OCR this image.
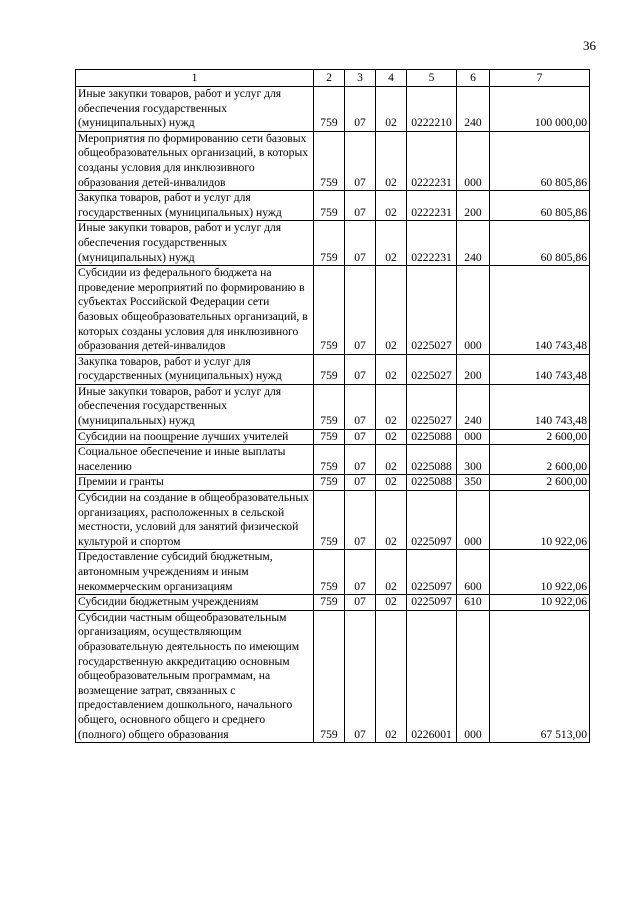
36
1	2	3	4	5	6	7
Иные закупки товаров, работ и услуг для обеспечения государственных (муниципальных) нужд	759	07	02	0222210	240	100 000,00
Мероприятия по формированию сети базовых общеобразовательных организаций, в которых созданы условия для инклюзивного образования детей-инвалидов	759	07	02	0222231	000	60 805,86
Закупка товаров, работ и услуг для государственных (муниципальных) нужд	759	07	02	0222231	200	60 805,86
Иные закупки товаров, работ и услуг для обеспечения государственных (муниципальных) нужд	759	07	02	0222231	240	60 805,86
Субсидии из федерального бюджета на проведение мероприятий по формированию в субъектах Российской Федерации сети базовых общеобразовательных организаций, в которых созданы условия для инклюзивного образования детей-инвалидов	759	07	02	0225027	000	140 743,48
Закупка товаров, работ и услуг для государственных (муниципальных) нужд	759	07	02	0225027	200	140 743,48
Иные закупки товаров, работ и услуг для обеспечения государственных (муниципальных) нужд	759	07	02	0225027	240	140 743,48
Субсидии на поощрение лучших учителей	759	07	02	0225088	000	2 600,00
Социальное обеспечение и иные выплаты населению	759	07	02	0225088	300	2 600,00
Премии и гранты	759	07	02	0225088	350	2 600,00
Субсидии на создание в общеобразовательных организациях, расположенных в сельской местности, условий для занятий физической культурой и спортом	759	07	02	0225097	000	10 922,06
Предоставление субсидий бюджетным, автономным учреждениям и иным некоммерческим организациям	759	07	02	0225097	600	10 922,06
Субсидии бюджетным учреждениям	759	07	02	0225097	610	10 922,06
Субсидии частным общеобразовательным организациям, осуществляющим образовательную деятельность по имеющим государственную аккредитацию основным общеобразовательным программам, на возмещение затрат, связанных с предоставлением дошкольного, начального общего, основного общего и среднего (полного) общего образования	759	07	02	0226001	000	67 513,00
